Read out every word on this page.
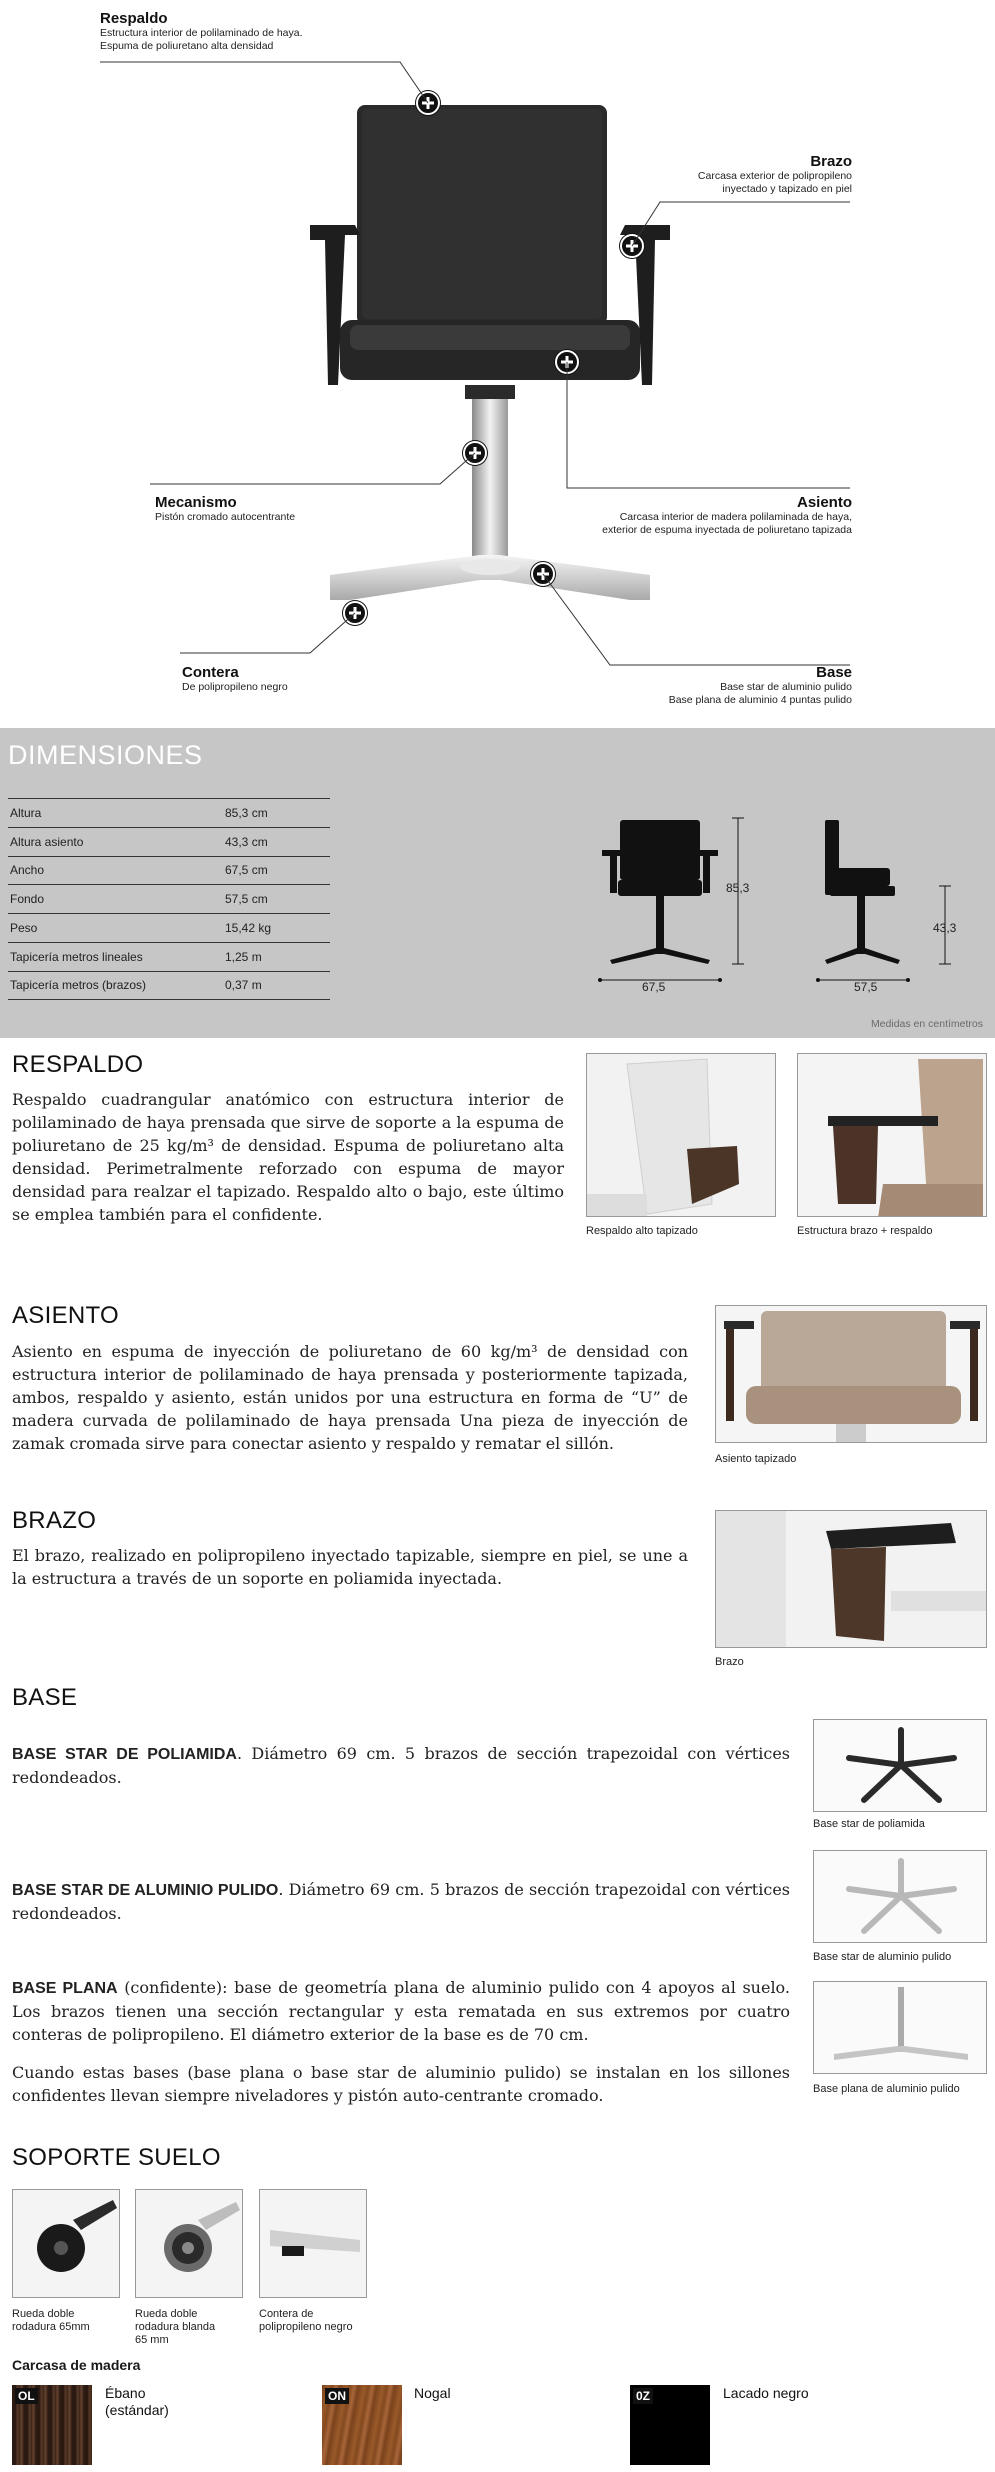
Respaldo
Estructura interior de polilaminado de haya.
Espuma de poliuretano alta densidad
Brazo
Carcasa exterior de polipropileno
inyectado y tapizado en piel
Mecanismo
Pistón cromado autocentrante
Asiento
Carcasa interior de madera polilaminada de haya,
exterior de espuma inyectada de poliuretano tapizada
Contera
De polipropileno negro
Base
Base star de aluminio pulido
Base plana de aluminio 4 puntas pulido
DIMENSIONES
Altura	85,3 cm
Altura asiento	43,3 cm
Ancho	67,5 cm
Fondo	57,5 cm
Peso	15,42 kg
Tapicería metros lineales	1,25 m
Tapicería metros (brazos)	0,37 m
85,3
67,5	57,5
43,3
Medidas en centímetros
RESPALDO
Respaldo cuadrangular anatómico con estructura interior de polilaminado de haya prensada que sirve de soporte a la espuma de poliuretano de 25 kg/m³ de densidad. Espuma de poliuretano alta densidad. Perimetralmente reforzado con espuma de mayor densidad para realzar el tapizado. Respaldo alto o bajo, este último se emplea también para el confidente.
Respaldo alto tapizado	Estructura brazo + respaldo
ASIENTO
Asiento en espuma de inyección de poliuretano de 60 kg/m³ de densidad con estructura interior de polilaminado de haya prensada y posteriormente tapizada, ambos, respaldo y asiento, están unidos por una estructura en forma de “U” de madera curvada de polilaminado de haya prensada Una pieza de inyección de zamak cromada sirve para conectar asiento y respaldo y rematar el sillón.
Asiento tapizado
BRAZO
El brazo, realizado en polipropileno inyectado tapizable, siempre en piel, se une a la estructura a través de un soporte en poliamida inyectada.
Brazo
BASE
BASE STAR DE POLIAMIDA. Diámetro 69 cm. 5 brazos de sección trapezoidal con vértices redondeados.
Base star de poliamida
BASE STAR DE ALUMINIO PULIDO. Diámetro 69 cm. 5 brazos de sección trapezoidal con vértices redondeados.
Base star de aluminio pulido
BASE PLANA (confidente): base de geometría plana de aluminio pulido con 4 apoyos al suelo. Los brazos tienen una sección rectangular y esta rematada en sus extremos por cuatro conteras de polipropileno. El diámetro exterior de la base es de 70 cm.
Cuando estas bases (base plana o base star de aluminio pulido) se instalan en los sillones confidentes llevan siempre niveladores y pistón auto-centrante cromado.	Base plana de aluminio pulido
SOPORTE SUELO
Rueda doble
rodadura 65mm
Rueda doble
rodadura blanda
65 mm
Contera de
polipropileno negro
Carcasa de madera
OL	Ébano
(estándar)
ON	Nogal	0Z	Lacado negro
